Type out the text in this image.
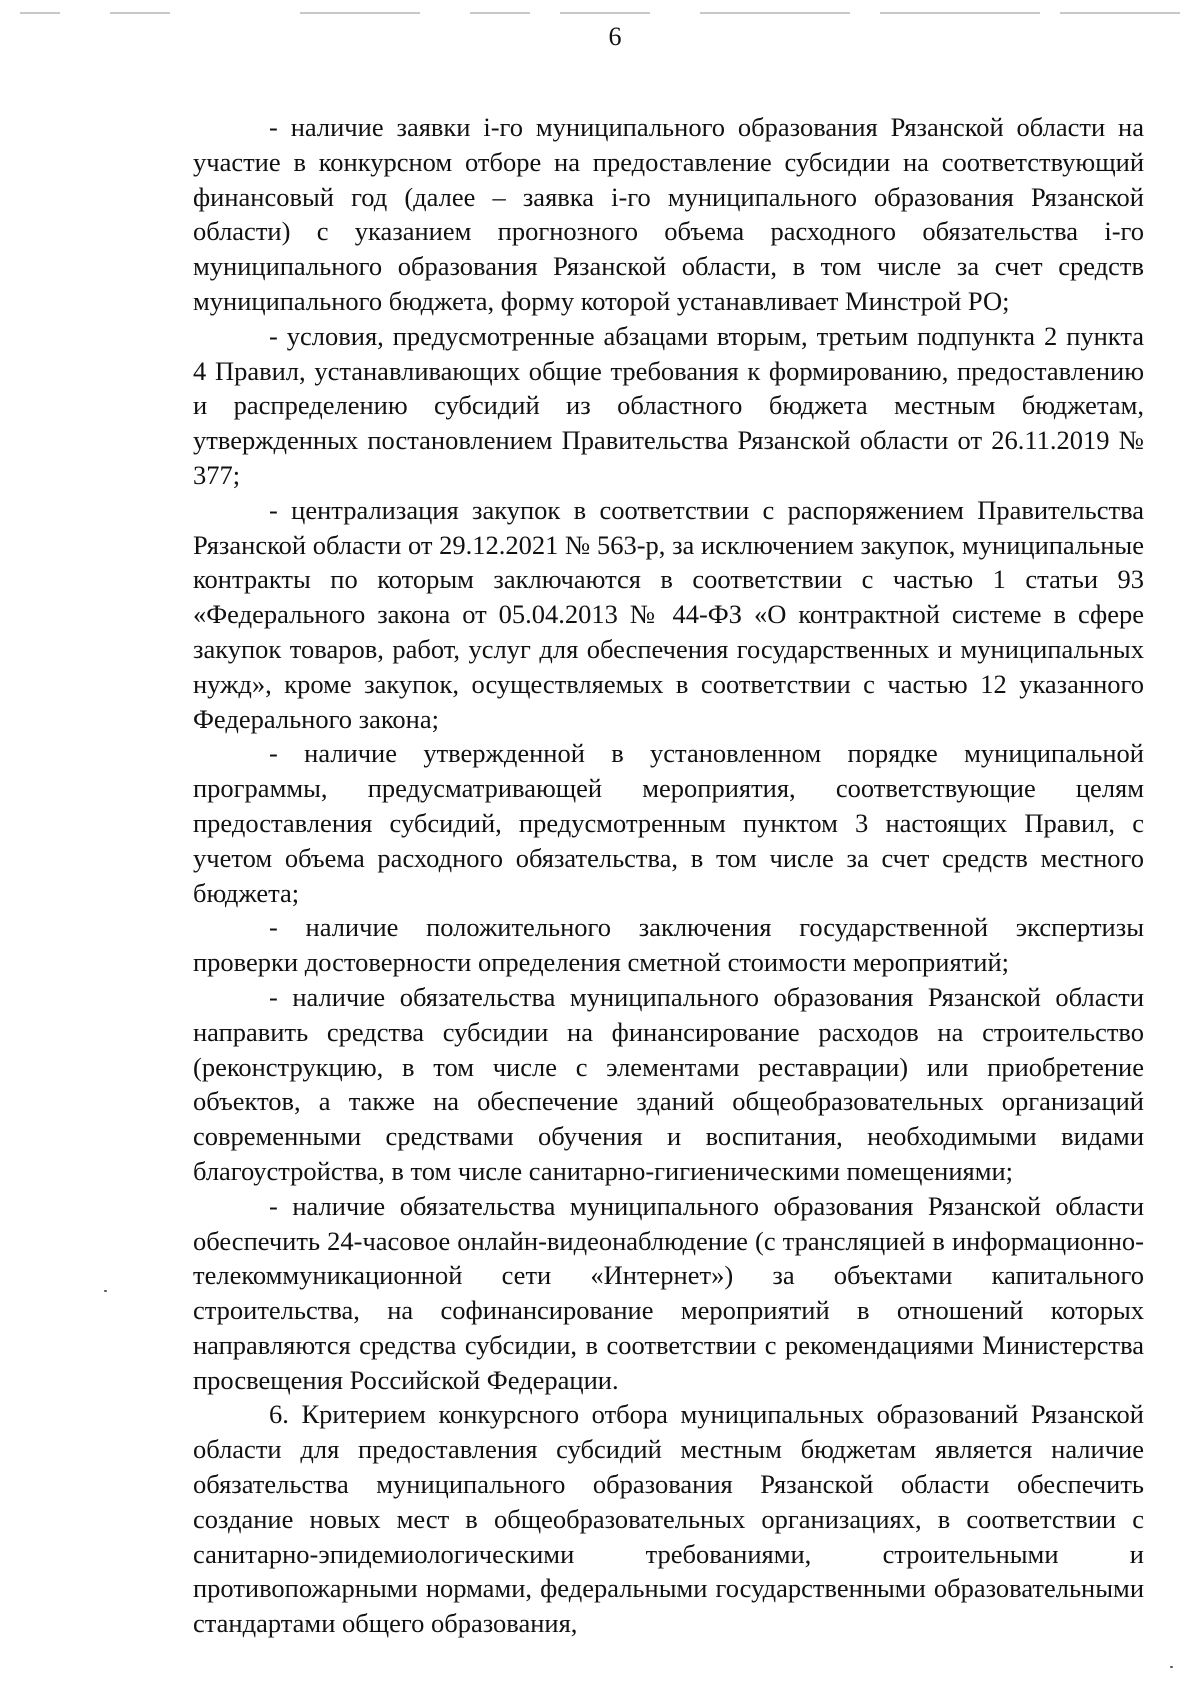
6

- наличие заявки i-го муниципального образования Рязанской области на участие в конкурсном отборе на предоставление субсидии на соответствующий финансовый год (далее – заявка i-го муниципального образования Рязанской области) с указанием прогнозного объема расходного обязательства i-го муниципального образования Рязанской области, в том числе за счет средств муниципального бюджета, форму которой устанавливает Минстрой РО;

- условия, предусмотренные абзацами вторым, третьим подпункта 2 пункта 4 Правил, устанавливающих общие требования к формированию, предоставлению и распределению субсидий из областного бюджета местным бюджетам, утвержденных постановлением Правительства Рязанской области от 26.11.2019 № 377;

- централизация закупок в соответствии с распоряжением Правительства Рязанской области от 29.12.2021 № 563-р, за исключением закупок, муниципальные контракты по которым заключаются в соответствии с частью 1 статьи 93 «Федерального закона от 05.04.2013 № 44-ФЗ «О контрактной системе в сфере закупок товаров, работ, услуг для обеспечения государственных и муниципальных нужд», кроме закупок, осуществляемых в соответствии с частью 12 указанного Федерального закона;

- наличие утвержденной в установленном порядке муниципальной программы, предусматривающей мероприятия, соответствующие целям предоставления субсидий, предусмотренным пунктом 3 настоящих Правил, с учетом объема расходного обязательства, в том числе за счет средств местного бюджета;

- наличие положительного заключения государственной экспертизы проверки достоверности определения сметной стоимости мероприятий;

- наличие обязательства муниципального образования Рязанской области направить средства субсидии на финансирование расходов на строительство (реконструкцию, в том числе с элементами реставрации) или приобретение объектов, а также на обеспечение зданий общеобразовательных организаций современными средствами обучения и воспитания, необходимыми видами благоустройства, в том числе санитарно-гигиеническими помещениями;

- наличие обязательства муниципального образования Рязанской области обеспечить 24-часовое онлайн-видеонаблюдение (с трансляцией в информационно-телекоммуникационной сети «Интернет») за объектами капитального строительства, на софинансирование мероприятий в отношений которых направляются средства субсидии, в соответствии с рекомендациями Министерства просвещения Российской Федерации.

6. Критерием конкурсного отбора муниципальных образований Рязанской области для предоставления субсидий местным бюджетам является наличие обязательства муниципального образования Рязанской области обеспечить создание новых мест в общеобразовательных организациях, в соответствии с санитарно-эпидемиологическими требованиями, строительными и противопожарными нормами, федеральными государственными образовательными стандартами общего образования,
